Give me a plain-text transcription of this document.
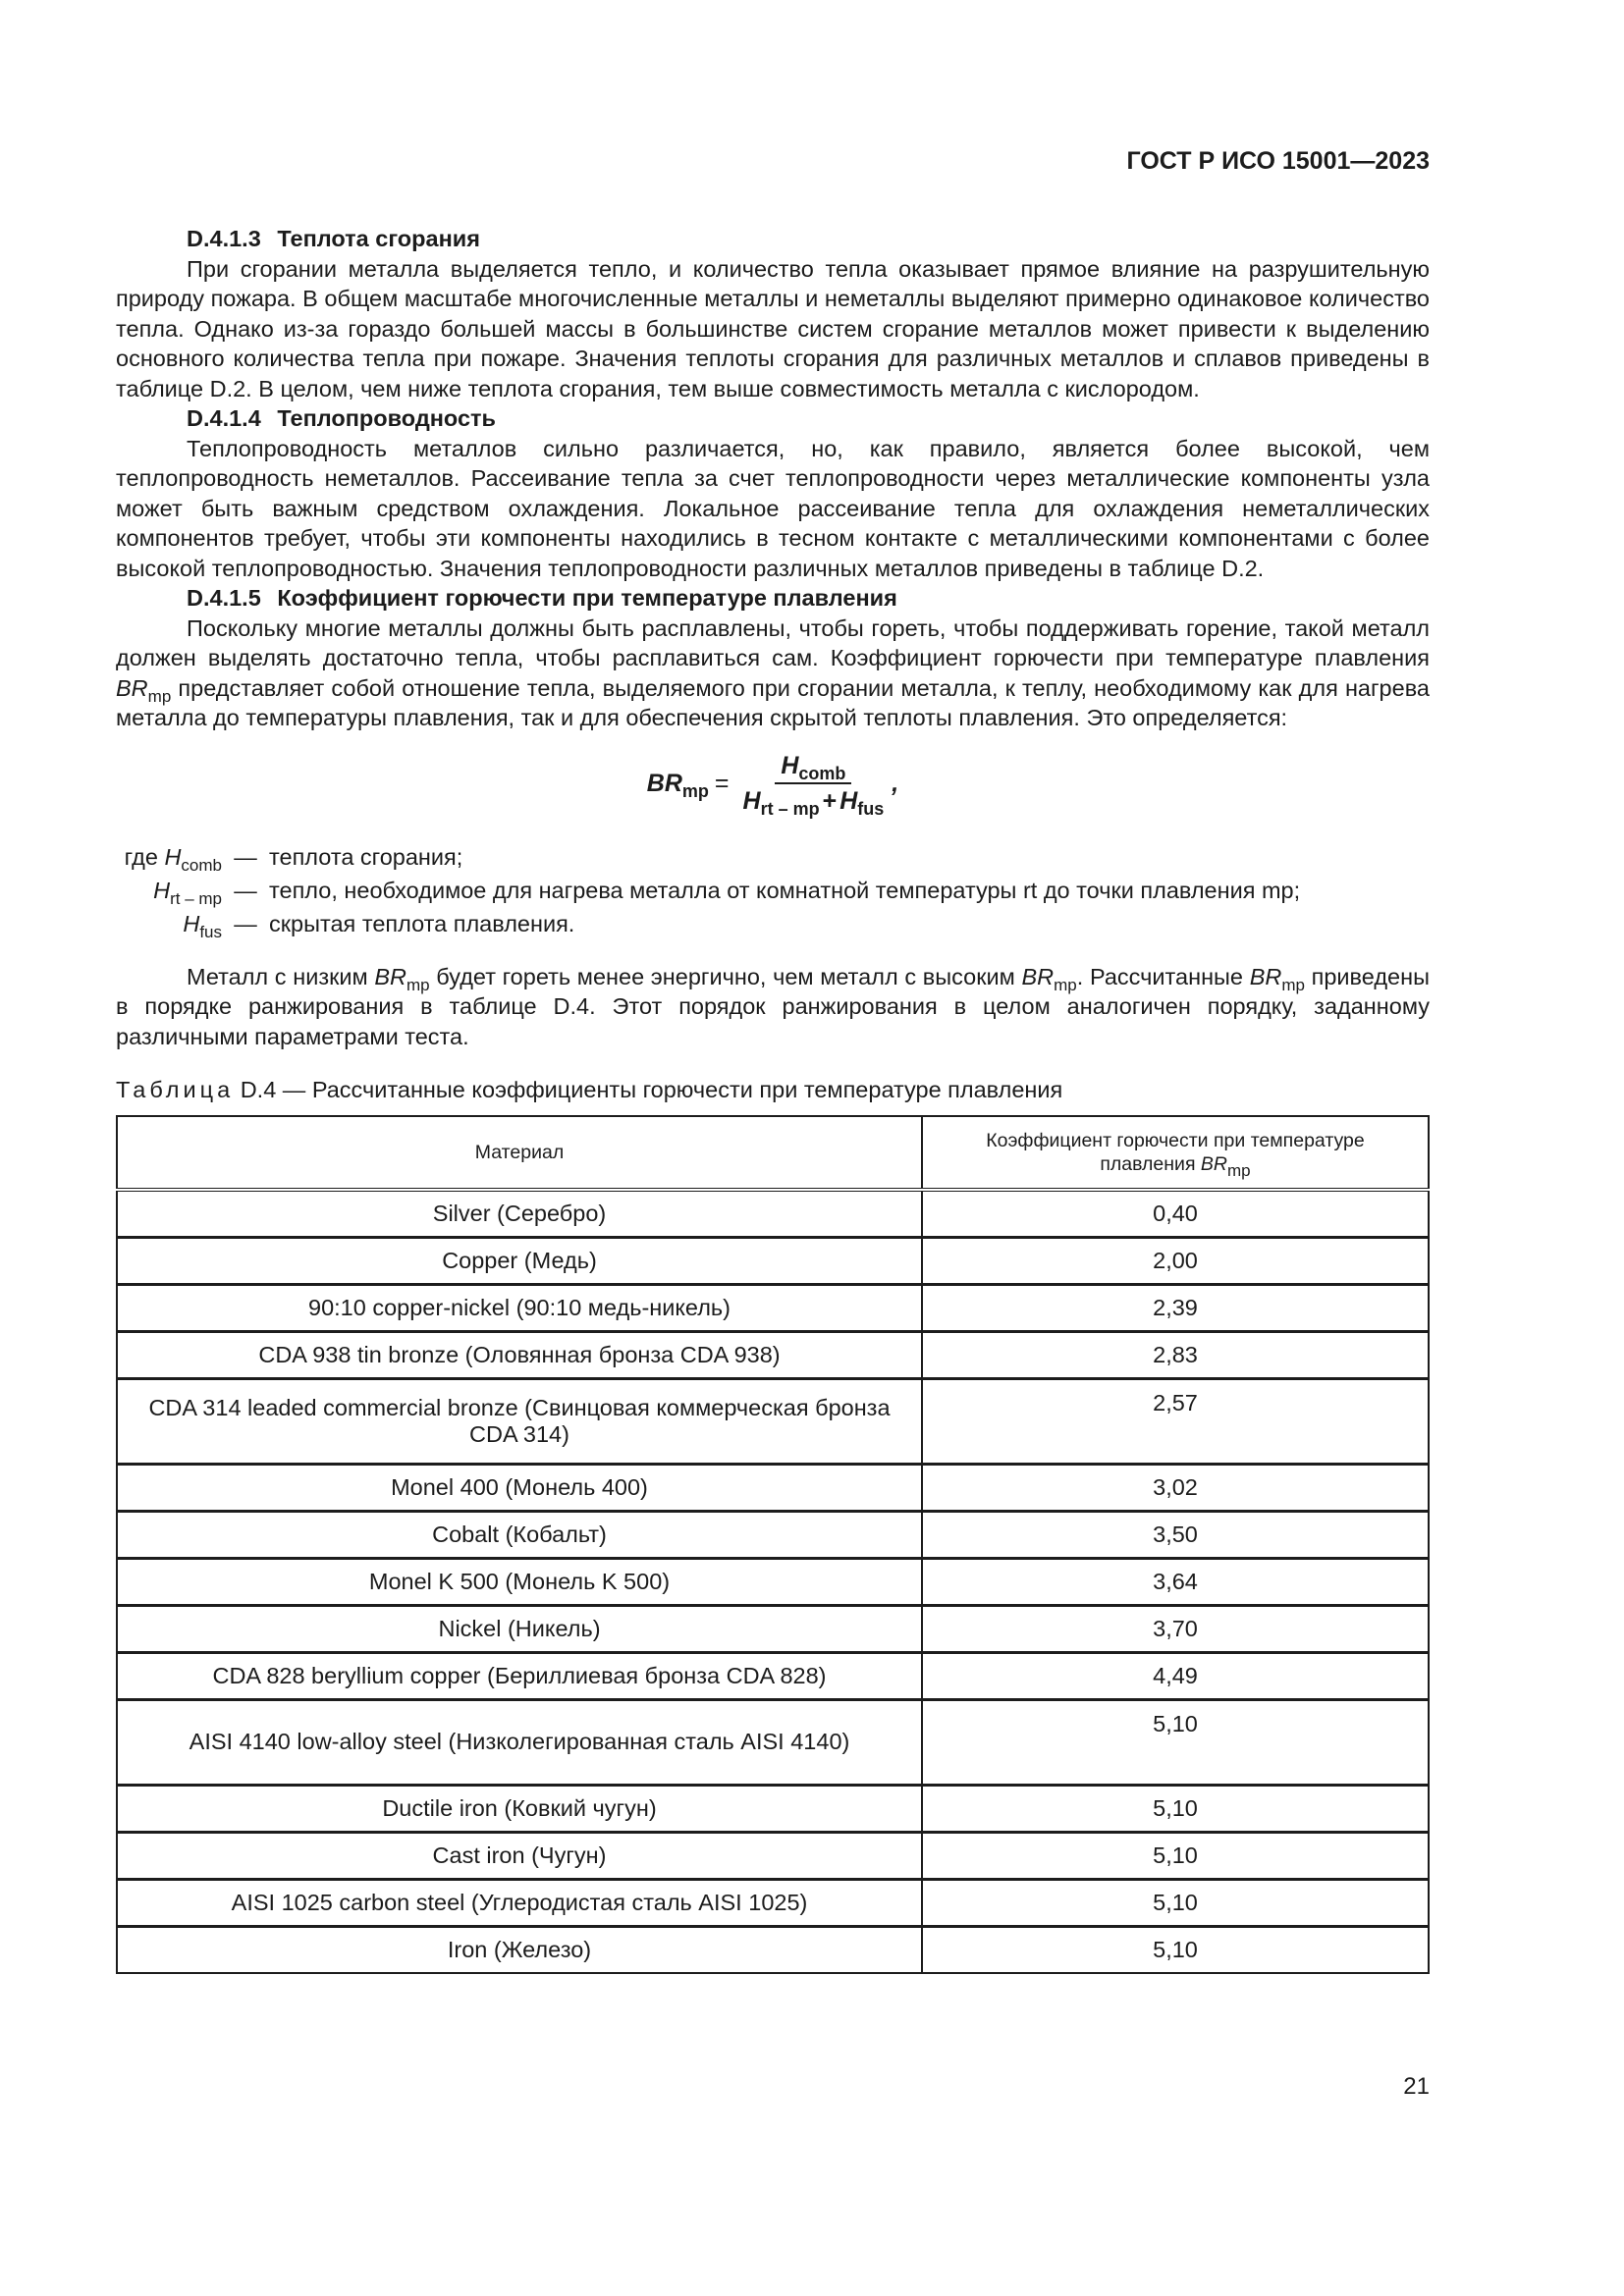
ГОСТ Р ИСО 15001—2023
D.4.1.3 Теплота сгорания

При сгорании металла выделяется тепло, и количество тепла оказывает прямое влияние на разрушительную природу пожара. В общем масштабе многочисленные металлы и неметаллы выделяют примерно одинаковое количество тепла. Однако из-за гораздо большей массы в большинстве систем сгорание металлов может привести к выделению основного количества тепла при пожаре. Значения теплоты сгорания для различных металлов и сплавов приведены в таблице D.2. В целом, чем ниже теплота сгорания, тем выше совместимость металла с кислородом.

D.4.1.4 Теплопроводность

Теплопроводность металлов сильно различается, но, как правило, является более высокой, чем теплопроводность неметаллов. Рассеивание тепла за счет теплопроводности через металлические компоненты узла может быть важным средством охлаждения. Локальное рассеивание тепла для охлаждения неметаллических компонентов требует, чтобы эти компоненты находились в тесном контакте с металлическими компонентами с более высокой теплопроводностью. Значения теплопроводности различных металлов приведены в таблице D.2.

D.4.1.5 Коэффициент горючести при температуре плавления

Поскольку многие металлы должны быть расплавлены, чтобы гореть, чтобы поддерживать горение, такой металл должен выделять достаточно тепла, чтобы расплавиться сам. Коэффициент горючести при температуре плавления $BR_{mp}$ представляет собой отношение тепла, выделяемого при сгорании металла, к теплу, необходимому как для нагрева металла до температуры плавления, так и для обеспечения скрытой теплоты плавления. Это определяется:

$BR_{mp} = \frac{H_{comb}}{H_{rt - mp} + H_{fus}}$ ,
где $H_{comb}$ — теплота сгорания;
$H_{rt - mp}$ — тепло, необходимое для нагрева металла от комнатной температуры rt до точки плавления mp;
$H_{fus}$ — скрытая теплота плавления.

Металл с низким $BR_{mp}$ будет гореть менее энергично, чем металл с высоким $BR_{mp}$. Рассчитанные $BR_{mp}$ приведены в порядке ранжирования в таблице D.4. Этот порядок ранжирования в целом аналогичен порядку, заданному различными параметрами теста.

Таблица D.4 — Рассчитанные коэффициенты горючести при температуре плавления
Материал	Коэффициент горючести при температуре плавления $BR_{mp}$
Silver (Серебро)	0,40
Copper (Медь)	2,00
90:10 copper-nickel (90:10 медь-никель)	2,39
CDA 938 tin bronze (Оловянная бронза CDA 938)	2,83
CDA 314 leaded commercial bronze (Свинцовая коммерческая бронза CDA 314)	2,57
Monel 400 (Монель 400)	3,02
Cobalt (Кобальт)	3,50
Monel K 500 (Монель K 500)	3,64
Nickel (Никель)	3,70
CDA 828 beryllium copper (Бериллиевая бронза CDA 828)	4,49
AISI 4140 low-alloy steel (Низколегированная сталь AISI 4140)	5,10
Ductile iron (Ковкий чугун)	5,10
Cast iron (Чугун)	5,10
AISI 1025 carbon steel (Углеродистая сталь AISI 1025)	5,10
Iron (Железо)	5,10
21
